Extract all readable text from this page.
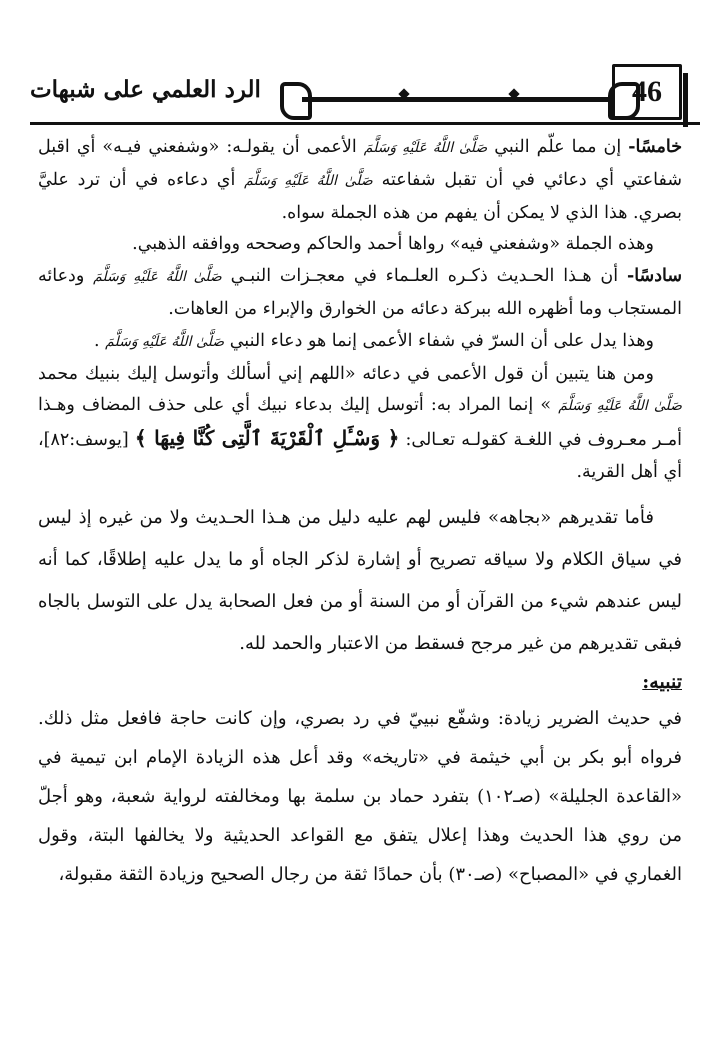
46
الرد العلمي على شبهات

خامسًا- إن مما علّم النبي صَلَّىٰ اللَّهُ عَلَيْهِ وَسَلَّمَ الأعمى أن يقولـه: «وشفعني فيـه» أي اقبل شفاعتي أي دعائي في أن تقبل شفاعته صَلَّىٰ اللَّهُ عَلَيْهِ وَسَلَّمَ أي دعاءه في أن ترد عليَّ بصري. هذا الذي لا يمكن أن يفهم من هذه الجملة سواه.

وهذه الجملة «وشفعني فيه» رواها أحمد والحاكم وصححه ووافقه الذهبي.

سادسًا- أن هـذا الحـديث ذكـره العلـماء في معجـزات النبـي صَلَّىٰ اللَّهُ عَلَيْهِ وَسَلَّمَ ودعائه المستجاب وما أظهره الله ببركة دعائه من الخوارق والإبراء من العاهات.

وهذا يدل على أن السرّ في شفاء الأعمى إنما هو دعاء النبي صَلَّىٰ اللَّهُ عَلَيْهِ وَسَلَّمَ .

ومن هنا يتبين أن قول الأعمى في دعائه «اللهم إني أسألك وأتوسل إليك بنبيك محمد صَلَّىٰ اللَّهُ عَلَيْهِ وَسَلَّمَ » إنما المراد به: أتوسل إليك بدعاء نبيك أي على حذف المضاف وهـذا أمـر معـروف في اللغـة كقولـه تعـالى: ﴿ وَسْـَٔلِ ٱلْقَرْيَةَ ٱلَّتِى كُنَّا فِيهَا ﴾ [يوسف:٨٢]، أي أهل القرية.

فأما تقديرهم «بجاهه» فليس لهم عليه دليل من هـذا الحـديث ولا من غيره إذ ليس في سياق الكلام ولا سياقه تصريح أو إشارة لذكر الجاه أو ما يدل عليه إطلاقًا، كما أنه ليس عندهم شيء من القرآن أو من السنة أو من فعل الصحابة يدل على التوسل بالجاه فبقى تقديرهم من غير مرجح فسقط من الاعتبار والحمد لله.

تنبيه:

في حديث الضرير زيادة: وشفّع نبييّ في رد بصري، وإن كانت حاجة فافعل مثل ذلك. فرواه أبو بكر بن أبي خيثمة في «تاريخه» وقد أعل هذه الزيادة الإمام ابن تيمية في «القاعدة الجليلة» (صـ١٠٢) بتفرد حماد بن سلمة بها ومخالفته لرواية شعبة، وهو أجلّ من روي هذا الحديث وهذا إعلال يتفق مع القواعد الحديثية ولا يخالفها البتة، وقول الغماري في «المصباح» (صـ٣٠) بأن حمادًا ثقة من رجال الصحيح وزيادة الثقة مقبولة،
